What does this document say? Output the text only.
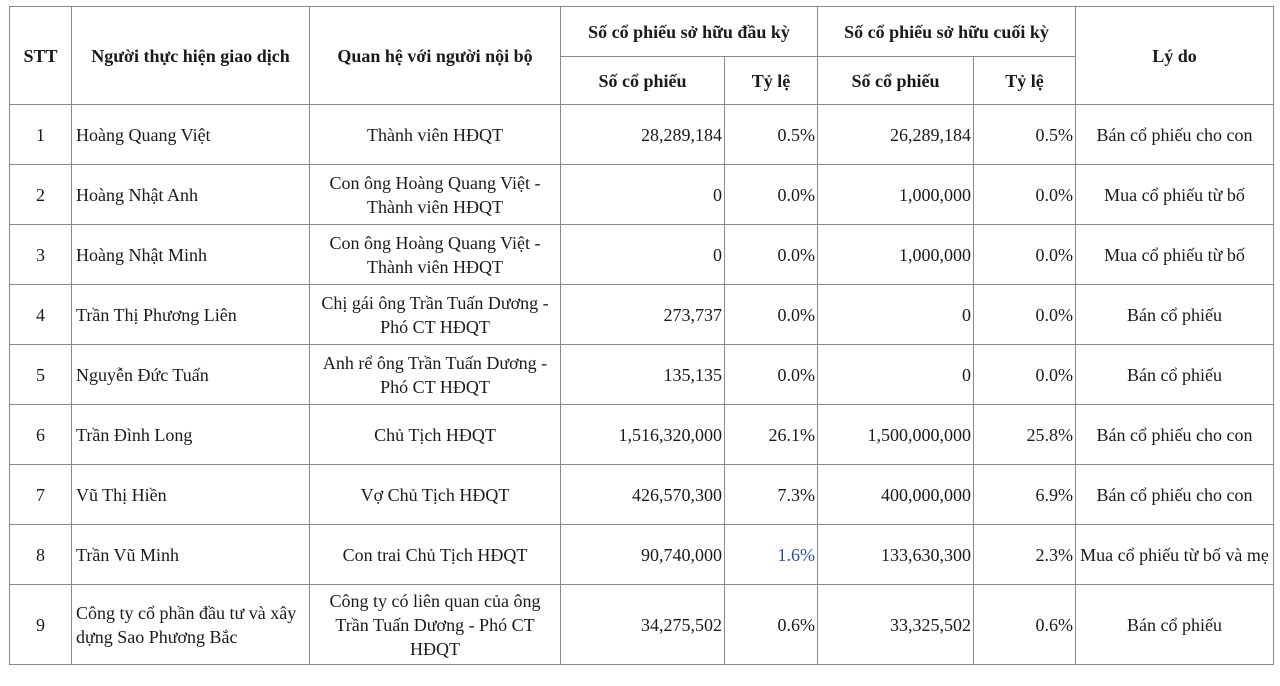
STT	Người thực hiện giao dịch	Quan hệ với người nội bộ	Số cổ phiếu sở hữu đầu kỳ		Số cổ phiếu sở hữu cuối kỳ		Lý do
			Số cổ phiếu	Tỷ lệ	Số cổ phiếu	Tỷ lệ	
1	Hoàng Quang Việt	Thành viên HĐQT	28,289,184	0.5%	26,289,184	0.5%	Bán cổ phiếu cho con
2	Hoàng Nhật Anh	Con ông Hoàng Quang Việt - Thành viên HĐQT	0	0.0%	1,000,000	0.0%	Mua cổ phiếu từ bố
3	Hoàng Nhật Minh	Con ông Hoàng Quang Việt - Thành viên HĐQT	0	0.0%	1,000,000	0.0%	Mua cổ phiếu từ bố
4	Trần Thị Phương Liên	Chị gái ông Trần Tuấn Dương - Phó CT HĐQT	273,737	0.0%	0	0.0%	Bán cổ phiếu
5	Nguyễn Đức Tuấn	Anh rể ông Trần Tuấn Dương - Phó CT HĐQT	135,135	0.0%	0	0.0%	Bán cổ phiếu
6	Trần Đình Long	Chủ Tịch HĐQT	1,516,320,000	26.1%	1,500,000,000	25.8%	Bán cổ phiếu cho con
7	Vũ Thị Hiền	Vợ Chủ Tịch HĐQT	426,570,300	7.3%	400,000,000	6.9%	Bán cổ phiếu cho con
8	Trần Vũ Minh	Con trai Chủ Tịch HĐQT	90,740,000	1.6%	133,630,300	2.3%	Mua cổ phiếu từ bố và mẹ
9	Công ty cổ phần đầu tư và xây dựng Sao Phương Bắc	Công ty có liên quan của ông Trần Tuấn Dương - Phó CT HĐQT	34,275,502	0.6%	33,325,502	0.6%	Bán cổ phiếu
